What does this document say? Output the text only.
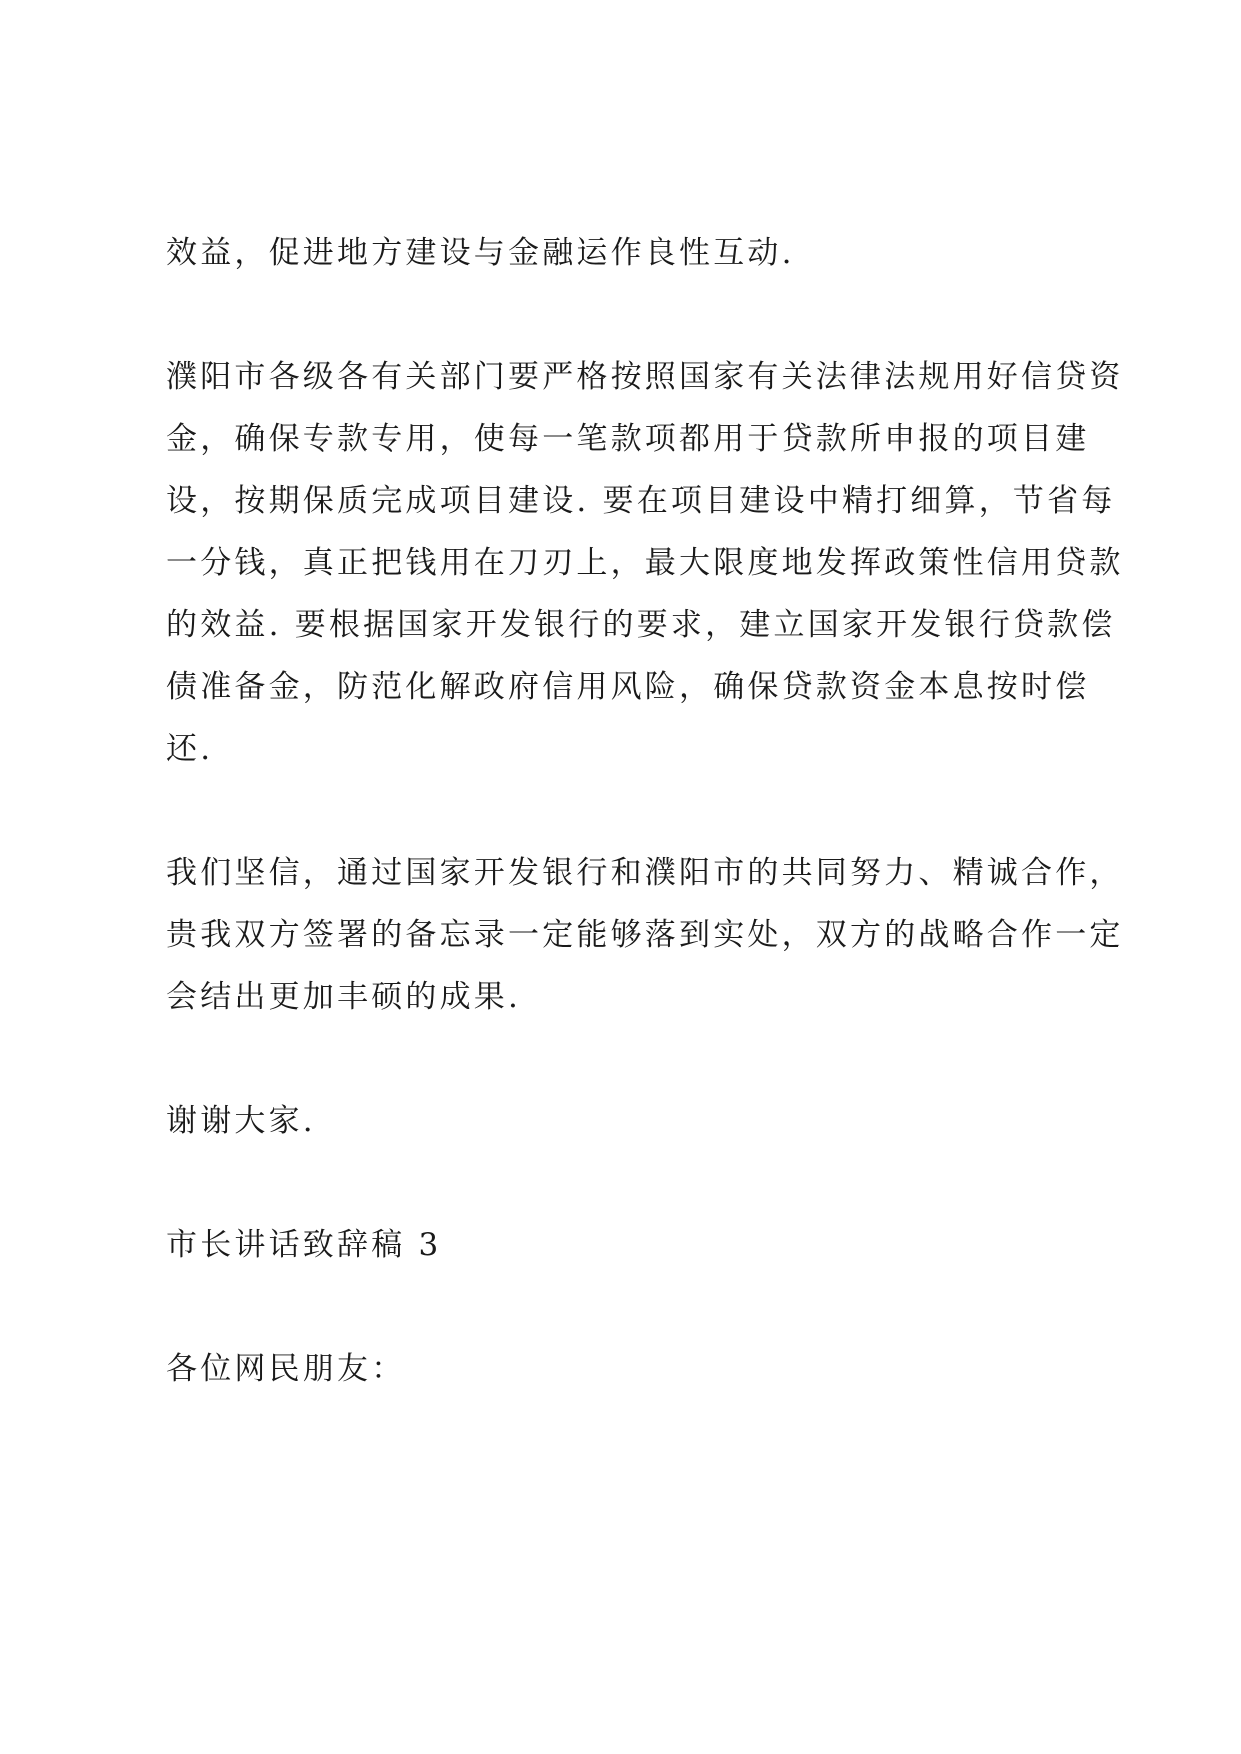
效益，促进地方建设与金融运作良性互动.

濮阳市各级各有关部门要严格按照国家有关法律法规用好信贷资
金，确保专款专用，使每一笔款项都用于贷款所申报的项目建
设，按期保质完成项目建设. 要在项目建设中精打细算，节省每
一分钱，真正把钱用在刀刃上，最大限度地发挥政策性信用贷款
的效益. 要根据国家开发银行的要求，建立国家开发银行贷款偿
债准备金，防范化解政府信用风险，确保贷款资金本息按时偿
还.

我们坚信，通过国家开发银行和濮阳市的共同努力、精诚合作，
贵我双方签署的备忘录一定能够落到实处，双方的战略合作一定
会结出更加丰硕的成果.

谢谢大家.

市长讲话致辞稿 3

各位网民朋友：
